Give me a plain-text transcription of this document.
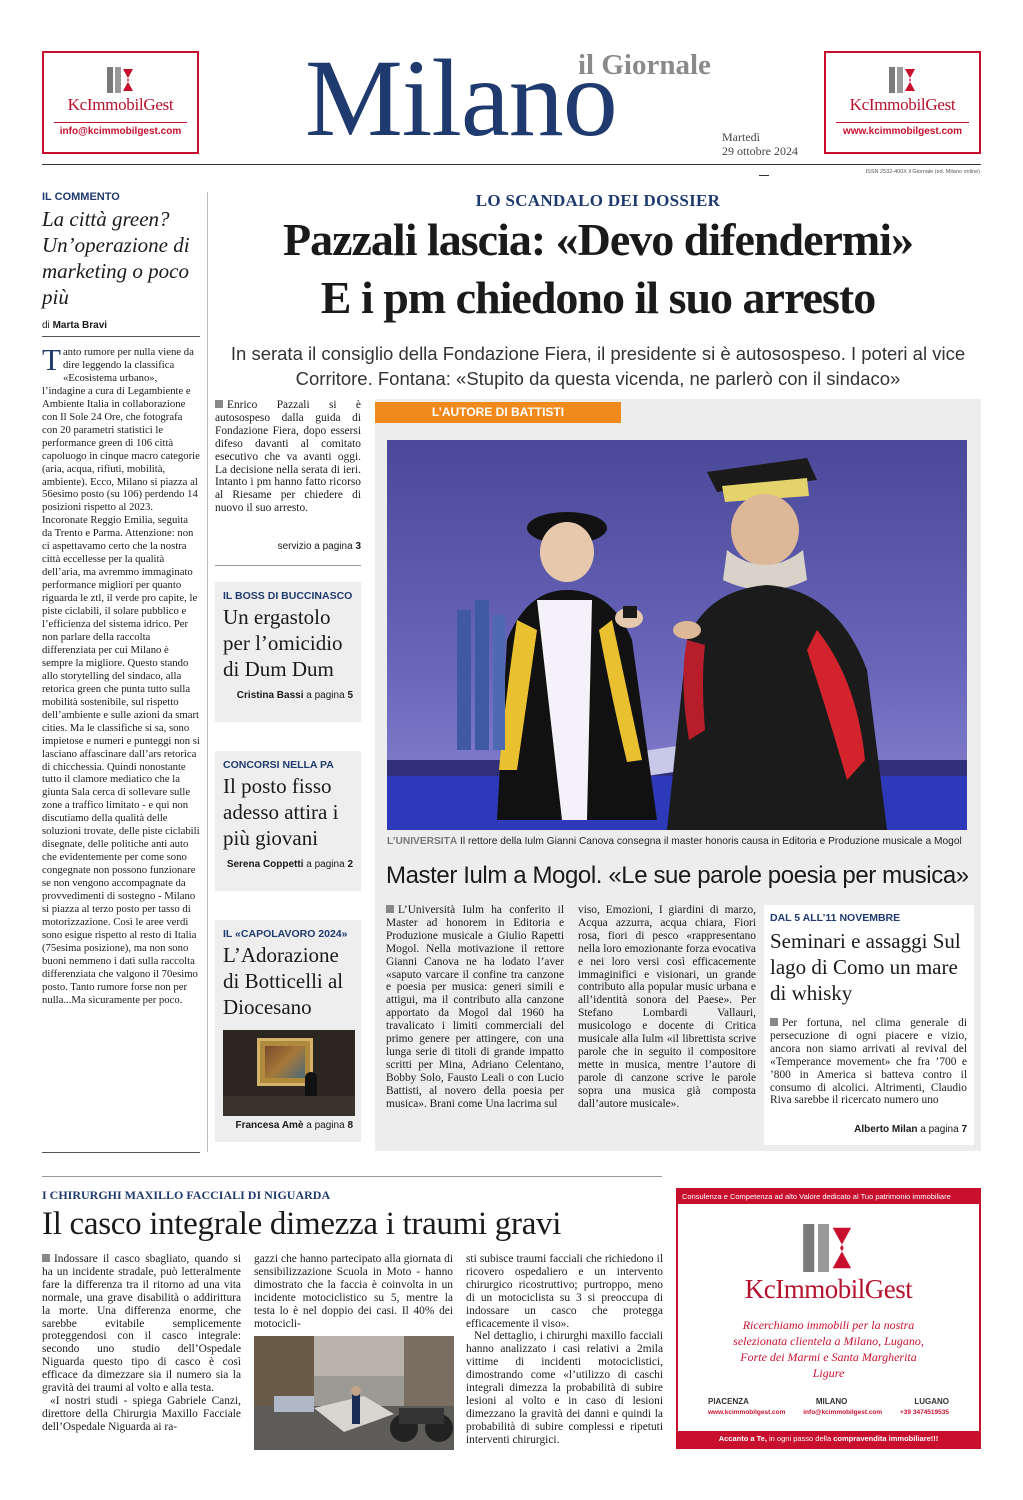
KcImmobilGest
info@kcimmobilgest.com
KcImmobilGest
www.kcimmobilgest.com
il Giornale
Milano	Martedì
29 ottobre 2024
ISSN 2532-400X il Giornale (ed. Milano online)
IL COMMENTO
La città green? Un’operazione di marketing o poco più
di Marta Bravi
T anto rumore per nulla viene da dire leggendo la classifica «Ecosistema urbano», l’indagine a cura di Legambiente e Ambiente Italia in collaborazione con Il Sole 24 Ore, che fotografa con 20 parametri statistici le performance green di 106 città capoluogo in cinque macro categorie (aria, acqua, rifiuti, mobilità, ambiente). Ecco, Milano si piazza al 56esimo posto (su 106) perdendo 14 posizioni rispetto al 2023. Incoronate Reggio Emilia, seguita da Trento e Parma. Attenzione: non ci aspettavamo certo che la nostra città eccellesse per la qualità dell’aria, ma avremmo immaginato performance migliori per quanto riguarda le ztl, il verde pro capite, le piste ciclabili, il solare pubblico e l’efficienza del sistema idrico. Per non parlare della raccolta differenziata per cui Milano è sempre la migliore. Questo stando allo storytelling del sindaco, alla retorica green che punta tutto sulla mobilità sostenibile, sul rispetto dell’ambiente e sulle azioni da smart cities. Ma le classifiche si sa, sono impietose e numeri e punteggi non si lasciano affascinare dall’ars retorica di chicchessia. Quindi nonostante tutto il clamore mediatico che la giunta Sala cerca di sollevare sulle zone a traffico limitato - e qui non discutiamo della qualità delle soluzioni trovate, delle piste ciclabili disegnate, delle politiche anti auto che evidentemente per come sono congegnate non possono funzionare se non vengono accompagnate da provvedimenti di sostegno - Milano si piazza al terzo posto per tasso di motorizzazione. Così le aree verdi sono esigue rispetto al resto di Italia (75esima posizione), ma non sono buoni nemmeno i dati sulla raccolta differenziata che valgono il 70esimo posto. Tanto rumore forse non per nulla...Ma sicuramente per poco.
LO SCANDALO DEI DOSSIER
Pazzali lascia: «Devo difendermi»
E i pm chiedono il suo arresto
In serata il consiglio della Fondazione Fiera, il presidente si è autosospeso. I poteri al vice Corritore. Fontana: «Stupito da questa vicenda, ne parlerò con il sindaco»
Enrico Pazzali si è autosospeso dalla guida di Fondazione Fiera, dopo essersi difeso davanti al comitato esecutivo che va avanti oggi. La decisione nella serata di ieri. Intanto i pm hanno fatto ricorso al Riesame per chiedere di nuovo il suo arresto.
servizio a pagina 3
IL BOSS DI BUCCINASCO
Un ergastolo per l’omicidio di Dum Dum
Cristina Bassi a pagina 5
CONCORSI NELLA PA
Il posto fisso adesso attira i più giovani
Serena Coppetti a pagina 2
IL «CAPOLAVORO 2024»
L’Adorazione di Botticelli al Diocesano
Francesa Amè a pagina 8
L’AUTORE DI BATTISTI
L’UNIVERSITÀ Il rettore della Iulm Gianni Canova consegna il master honoris causa in Editoria e Produzione musicale a Mogol
Master Iulm a Mogol. «Le sue parole poesia per musica»
L’Università Iulm ha conferito il Master ad honorem in Editoria e Produzione musicale a Giulio Rapetti Mogol. Nella motivazione il rettore Gianni Canova ne ha lodato l’aver «saputo varcare il confine tra canzone e poesia per musica: generi simili e attigui, ma il contributo alla canzone apportato da Mogol dal 1960 ha travalicato i limiti commerciali del primo genere per attingere, con una lunga serie di titoli di grande impatto scritti per Mina, Adriano Celentano, Bobby Solo, Fausto Leali o con Lucio Battisti, al novero della poesia per musica». Brani come Una lacrima sul
viso, Emozioni, I giardini di marzo, Acqua azzurra, acqua chiara, Fiori rosa, fiori di pesco «rappresentano nella loro emozionante forza evocativa e nei loro versi così efficacemente immaginifici e visionari, un grande contributo alla popular music urbana e all’identità sonora del Paese». Per Stefano Lombardi Vallauri, musicologo e docente di Critica musicale alla Iulm «il librettista scrive parole che in seguito il compositore mette in musica, mentre l’autore di parole di canzone scrive le parole sopra una musica già composta dall’autore musicale».
DAL 5 ALL’11 NOVEMBRE
Seminari e assaggi Sul lago di Como un mare di whisky
Per fortuna, nel clima generale di persecuzione di ogni piacere e vizio, ancora non siamo arrivati al revival del «Temperance movement» che fra ’700 e ’800 in America si batteva contro il consumo di alcolici. Altrimenti, Claudio Riva sarebbe il ricercato numero uno
Alberto Milan a pagina 7
I CHIRURGHI MAXILLO FACCIALI DI NIGUARDA
Il casco integrale dimezza i traumi gravi
Indossare il casco sbagliato, quando si ha un incidente stradale, può letteralmente fare la differenza tra il ritorno ad una vita normale, una grave disabilità o addirittura la morte. Una differenza enorme, che sarebbe evitabile semplicemente proteggendosi con il casco integrale: secondo uno studio dell’Ospedale Niguarda questo tipo di casco è così efficace da dimezzare sia il numero sia la gravità dei traumi al volto e alla testa.
«I nostri studi - spiega Gabriele Canzi, direttore della Chirurgia Maxillo Facciale dell’Ospedale Niguarda ai ra-
gazzi che hanno partecipato alla giornata di sensibilizzazione Scuola in Moto - hanno dimostrato che la faccia è coinvolta in un incidente motociclistico su 5, mentre la testa lo è nel doppio dei casi. Il 40% dei motocicli-
sti subisce traumi facciali che richiedono il ricovero ospedaliero e un intervento chirurgico ricostruttivo; purtroppo, meno di un motociclista su 3 si preoccupa di indossare un casco che protegga efficacemente il viso».
Nel dettaglio, i chirurghi maxillo facciali hanno analizzato i casi relativi a 2mila vittime di incidenti motociclistici, dimostrando come «l’utilizzo di caschi integrali dimezza la probabilità di subire lesioni al volto e in caso di lesioni dimezzano la gravità dei danni e quindi la probabilità di subire complessi e ripetuti interventi chirurgici.
Consulenza e Competenza ad alto Valore dedicato al Tuo patrimonio immobiliare
KcImmobilGest
Ricerchiamo immobili per la nostra selezionata clientela a Milano, Lugano, Forte dei Marmi e Santa Margherita Ligure
PIACENZA	MILANO	LUGANO
www.kcimmobilgest.com	info@kcimmobilgest.com	+39 3474519535
Accanto a Te, in ogni passo della compravendita immobiliare!!!
